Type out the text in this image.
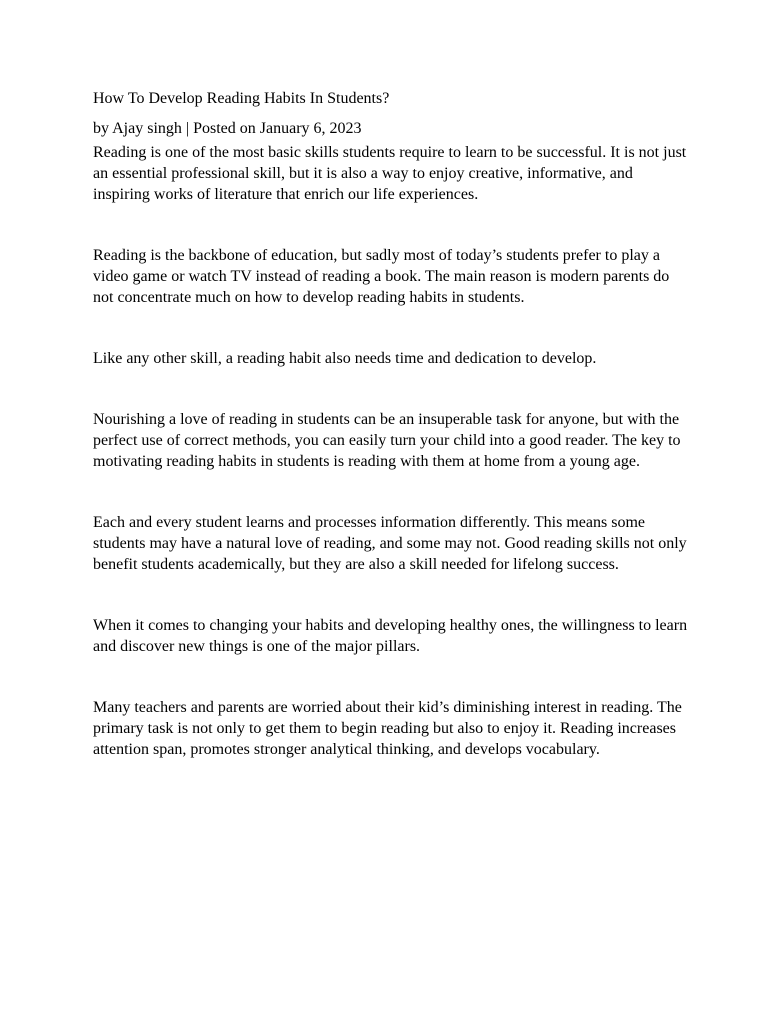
How To Develop Reading Habits In Students?
by Ajay singh | Posted on January 6, 2023
Reading is one of the most basic skills students require to learn to be successful. It is not just an essential professional skill, but it is also a way to enjoy creative, informative, and inspiring works of literature that enrich our life experiences.
Reading is the backbone of education, but sadly most of today’s students prefer to play a video game or watch TV instead of reading a book. The main reason is modern parents do not concentrate much on how to develop reading habits in students.
Like any other skill, a reading habit also needs time and dedication to develop.
Nourishing a love of reading in students can be an insuperable task for anyone, but with the perfect use of correct methods, you can easily turn your child into a good reader. The key to motivating reading habits in students is reading with them at home from a young age.
Each and every student learns and processes information differently. This means some students may have a natural love of reading, and some may not. Good reading skills not only benefit students academically, but they are also a skill needed for lifelong success.
When it comes to changing your habits and developing healthy ones, the willingness to learn and discover new things is one of the major pillars.
Many teachers and parents are worried about their kid’s diminishing interest in reading. The primary task is not only to get them to begin reading but also to enjoy it. Reading increases attention span, promotes stronger analytical thinking, and develops vocabulary.
